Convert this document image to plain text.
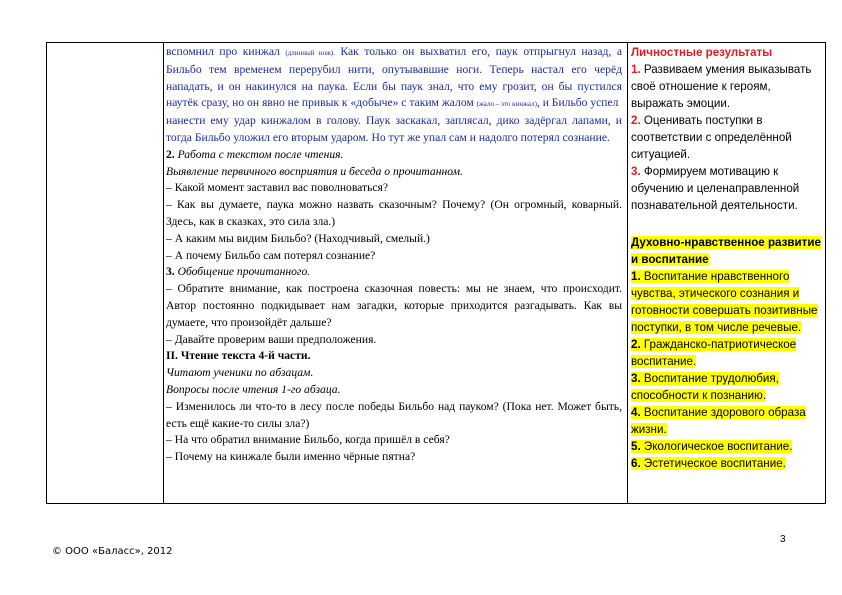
вспомнил про кинжал (длинный нож). Как только он выхватил его, паук отпрыгнул назад, а Бильбо тем временем перерубил нити, опутывавшие ноги. Теперь настал его черёд нападать, и он накинулся на паука. Если бы паук знал, что ему грозит, он бы пустился наутёк сразу, но он явно не привык к «добыче» с таким жалом (жало – это кинжал), и Бильбо успел

нанести ему удар кинжалом в голову. Паук заскакал, заплясал, дико задёргал лапами, и тогда Бильбо уложил его вторым ударом. Но тут же упал сам и надолго потерял сознание.

2. Работа с текстом после чтения.

Выявление первичного восприятия и беседа о прочитанном.

– Какой момент заставил вас поволноваться?

– Как вы думаете, паука можно назвать сказочным? Почему? (Он огромный, коварный. Здесь, как в сказках, это сила зла.)

– А каким мы видим Бильбо? (Находчивый, смелый.)

– А почему Бильбо сам потерял сознание?

3. Обобщение прочитанного.

– Обратите внимание, как построена сказочная повесть: мы не знаем, что происходит. Автор постоянно подкидывает нам загадки, которые приходится разгадывать. Как вы думаете, что произойдёт дальше?

– Давайте проверим ваши предположения.

II. Чтение текста 4-й части.

Читают ученики по абзацам.

Вопросы после чтения 1-го абзаца.

– Изменилось ли что-то в лесу после победы Бильбо над пауком? (Пока нет. Может быть, есть ещё какие-то силы зла?)

– На что обратил внимание Бильбо, когда пришёл в себя?

– Почему на кинжале были именно чёрные пятна?

Личностные результаты
1. Развиваем умения выказывать своё отношение к героям, выражать эмоции.
2. Оценивать поступки в соответствии с определённой ситуацией.
3. Формируем мотивацию к обучению и целенаправленной познавательной деятельности.
Духовно-нравственное развитие и воспитание
1. Воспитание нравственного чувства, этического сознания и готовности совершать позитивные поступки, в том числе речевые.
2. Гражданско-патриотическое воспитание.
3. Воспитание трудолюбия, способности к познанию.
4. Воспитание здорового образа жизни.
5. Экологическое воспитание.
6. Эстетическое воспитание.
3
© ООО «Баласс», 2012
